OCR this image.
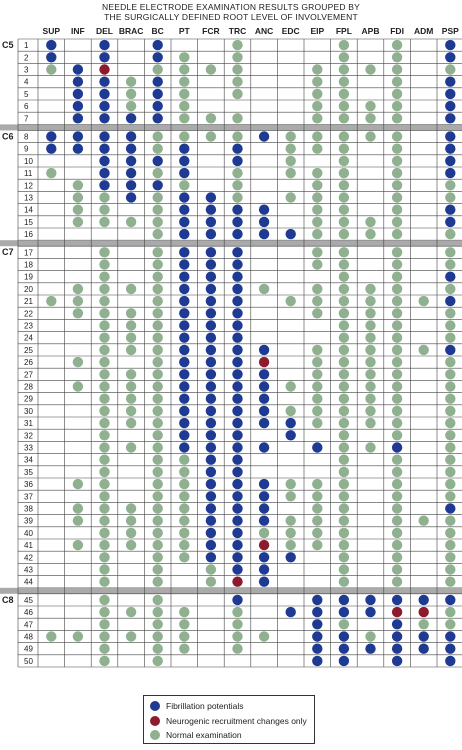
NEEDLE ELECTRODE EXAMINATION RESULTS GROUPED BY
THE SURGICALLY DEFINED ROOT LEVEL OF INVOLVEMENT
SUP INF DEL BRAC BC PT FCR TRC ANC EDC EIP FPL APB FDI ADM PSP
1
2
3
4
5
6
7
C5
8
9
10
11
12
13
14
15
16
C6
17
18
19
20
21
22
23
24
25
26
27
28
29
30
31
32
33
34
35
36
37
38
39
40
41
42
43
44
C7
45
46
47
48
49
50
C8
Fibrillation potentials
Neurogenic recruitment changes only
Normal examination
